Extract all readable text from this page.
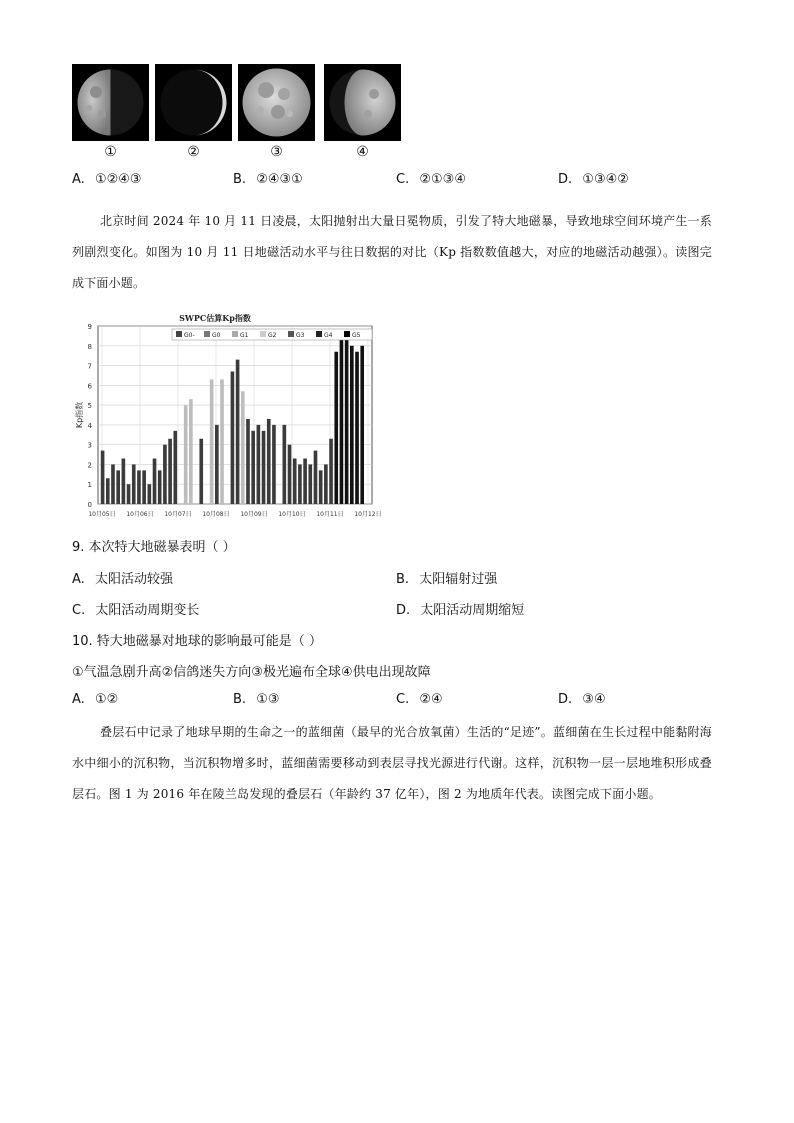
①	②	③	④
A. ①②④③	B. ②④③①	C. ②①③④	D. ①③④②
北京时间 2024 年 10 月 11 日凌晨，太阳抛射出大量日冕物质，引发了特大地磁暴，导致地球空间环境产生一系列剧烈变化。如图为 10 月 11 日地磁活动水平与往日数据的对比（Kp 指数数值越大，对应的地磁活动越强）。读图完成下面小题。
0
1
2
3
4
5
6
7
8
9
SWPC估算Kp指数
G0-	G0	G1	G2	G3	G4	G5
Kp指数
10月05日 10月06日 10月07日 10月08日 10月09日 10月10日 10月11日 10月12日
9. 本次特大地磁暴表明（ ）
A. 太阳活动较强	B. 太阳辐射过强
C. 太阳活动周期变长	D. 太阳活动周期缩短
10. 特大地磁暴对地球的影响最可能是（ ）
①气温急剧升高②信鸽迷失方向③极光遍布全球④供电出现故障
A. ①②	B. ①③	C. ②④	D. ③④
叠层石中记录了地球早期的生命之一的蓝细菌（最早的光合放氧菌）生活的“足迹”。蓝细菌在生长过程中能黏附海水中细小的沉积物，当沉积物增多时，蓝细菌需要移动到表层寻找光源进行代谢。这样，沉积物一层一层地堆积形成叠层石。图 1 为 2016 年在陵兰岛发现的叠层石（年龄约 37 亿年），图 2 为地质年代表。读图完成下面小题。
